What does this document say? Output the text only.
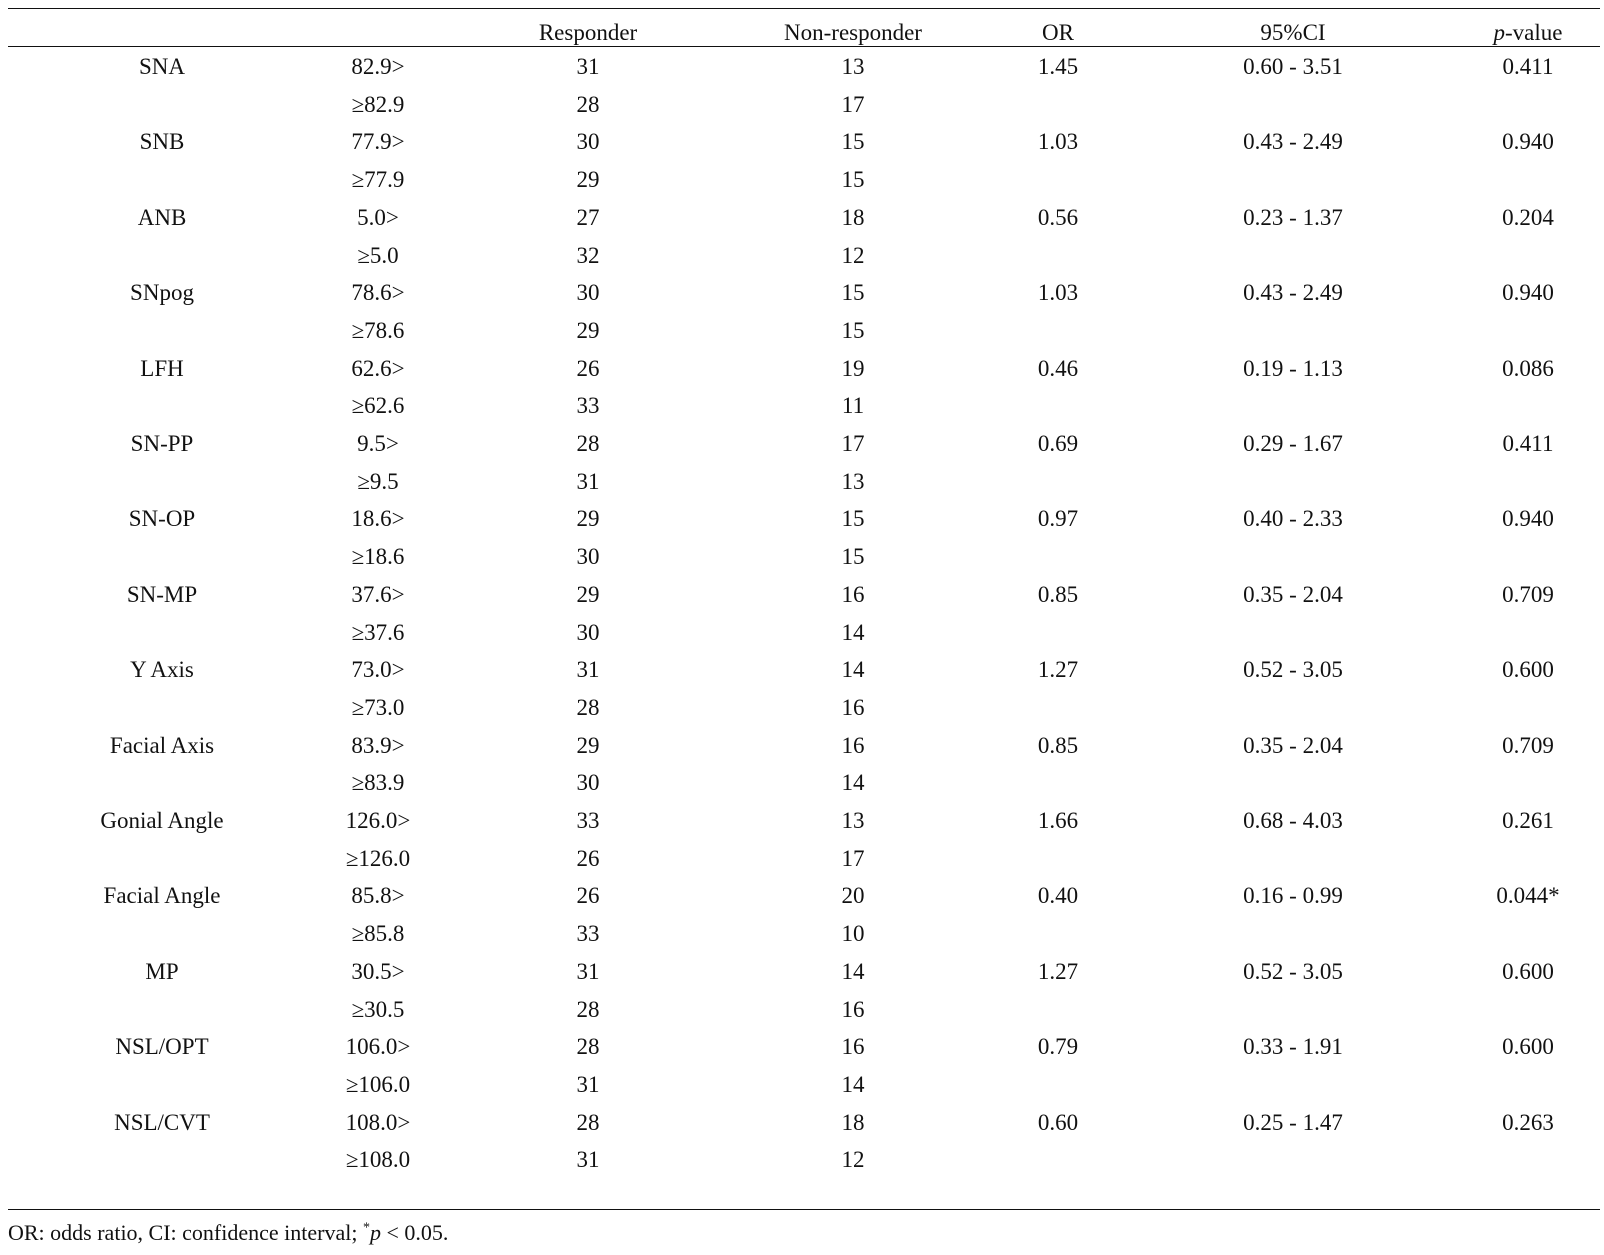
Responder	Non-responder	OR	95%CI	p-value
SNA	82.9>	31	13	1.45	0.60 - 3.51	0.411
≥82.9	28	17
SNB	77.9>	30	15	1.03	0.43 - 2.49	0.940
≥77.9	29	15
ANB	5.0>	27	18	0.56	0.23 - 1.37	0.204
≥5.0	32	12
SNpog	78.6>	30	15	1.03	0.43 - 2.49	0.940
≥78.6	29	15
LFH	62.6>	26	19	0.46	0.19 - 1.13	0.086
≥62.6	33	11
SN-PP	9.5>	28	17	0.69	0.29 - 1.67	0.411
≥9.5	31	13
SN-OP	18.6>	29	15	0.97	0.40 - 2.33	0.940
≥18.6	30	15
SN-MP	37.6>	29	16	0.85	0.35 - 2.04	0.709
≥37.6	30	14
Y Axis	73.0>	31	14	1.27	0.52 - 3.05	0.600
≥73.0	28	16
Facial Axis	83.9>	29	16	0.85	0.35 - 2.04	0.709
≥83.9	30	14
Gonial Angle	126.0>	33	13	1.66	0.68 - 4.03	0.261
≥126.0	26	17
Facial Angle	85.8>	26	20	0.40	0.16 - 0.99	0.044*
≥85.8	33	10
MP	30.5>	31	14	1.27	0.52 - 3.05	0.600
≥30.5	28	16
NSL/OPT	106.0>	28	16	0.79	0.33 - 1.91	0.600
≥106.0	31	14
NSL/CVT	108.0>	28	18	0.60	0.25 - 1.47	0.263
≥108.0	31	12
OR: odds ratio, CI: confidence interval; *p < 0.05.
